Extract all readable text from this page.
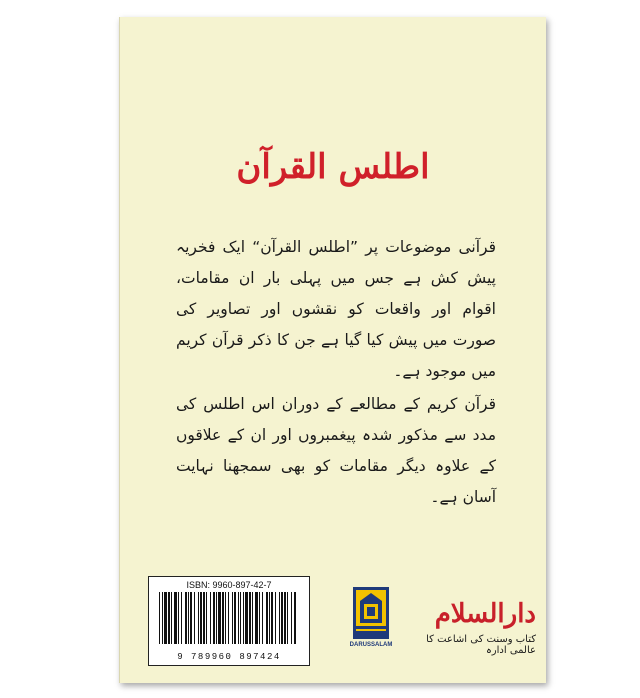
اطلس القرآن
قرآنی موضوعات پر ”اطلس القرآن“ ایک فخریہ پیش کش ہے جس میں پہلی بار ان مقامات، اقوام اور واقعات کو نقشوں اور تصاویر کی صورت میں پیش کیا گیا ہے جن کا ذکر قرآن کریم میں موجود ہے۔
قرآن کریم کے مطالعے کے دوران اس اطلس کی مدد سے مذکور شدہ پیغمبروں اور ان کے علاقوں کے علاوہ دیگر مقامات کو بھی سمجھنا نہایت آسان ہے۔
ISBN: 9960-897-42-7
9 789960 897424
DARUSSALAM
دارالسلام
کتاب وسنت کی اشاعت کا عالمی ادارہ
